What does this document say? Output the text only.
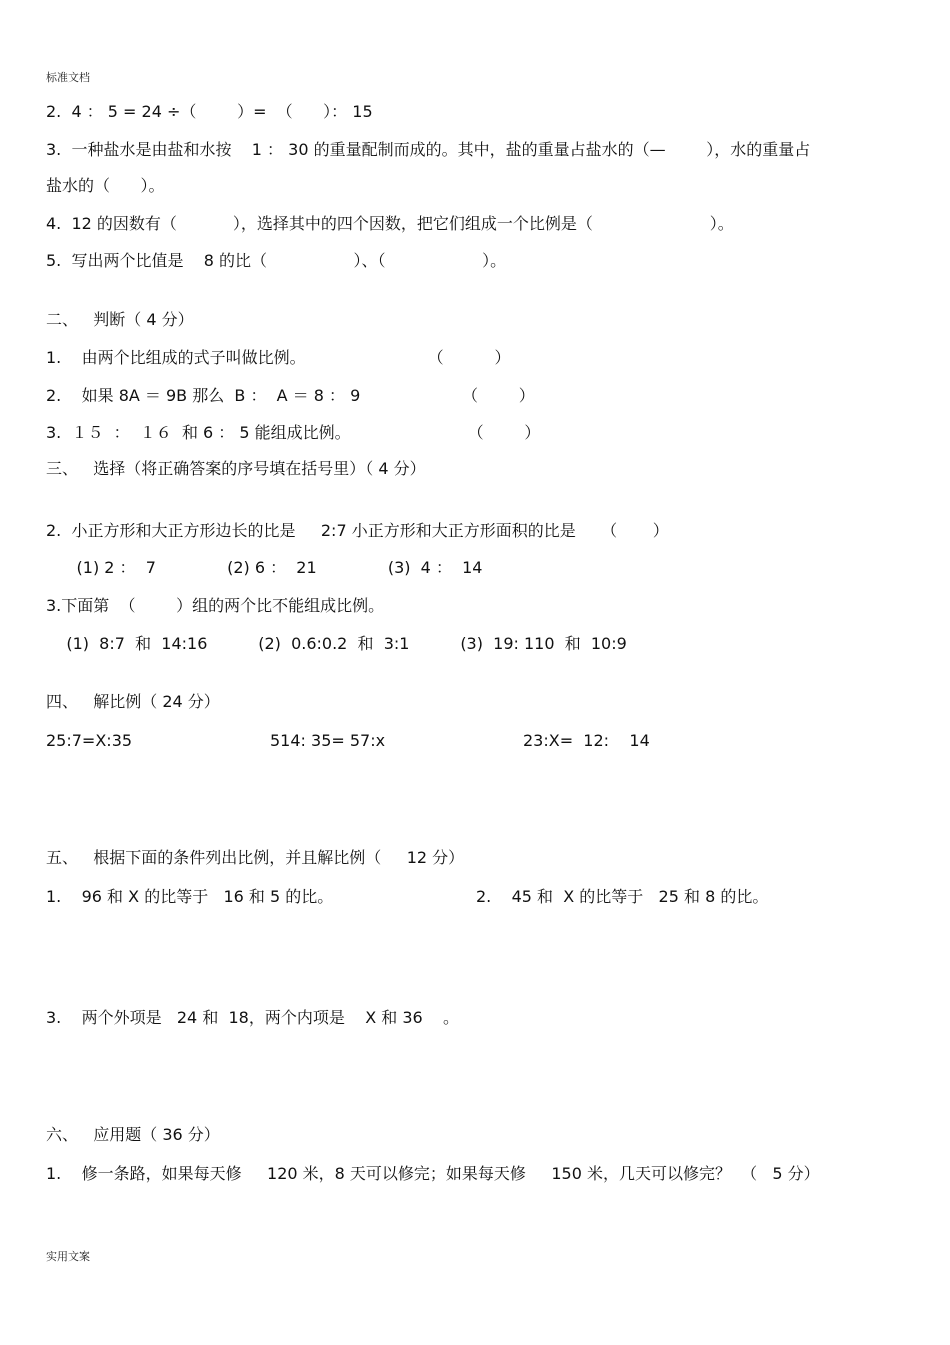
标准文档
2.  4 ： 5 = 24 ÷（        ）=  （      ）： 15
3.  一种盐水是由盐和水按    1 ： 30 的重量配制而成的。其中，盐的重量占盐水的（—        ），水的重量占
盐水的（      ）。
4.  12 的因数有（           ），选择其中的四个因数，把它们组成一个比例是（                       ）。
5.  写出两个比值是    8 的比（                 ）、（                   ）。
二、   判断（ 4 分）
1.    由两个比组成的式子叫做比例。                        （          ）
2.    如果 8A ＝ 9B 那么  B ：  A ＝ 8 ： 9                    （        ）
3.  １５  ：  １６  和 6 ： 5 能组成比例。                       （        ）
三、   选择（将正确答案的序号填在括号里）（ 4 分）
2.  小正方形和大正方形边长的比是     2:7 小正方形和大正方形面积的比是     （       ）
(1) 2 ：  7              (2) 6 ：  21              (3)  4 ：  14
3.下面第  （        ）组的两个比不能组成比例。
(1)  8:7  和  14:16          (2)  0.6:0.2  和  3:1          (3)  19: 110  和  10:9
四、   解比例（ 24 分）
25:7=X:35	514: 35= 57:x	23:X=  12:    14
五、   根据下面的条件列出比例，并且解比例（     12 分）
1.    96 和 X 的比等于   16 和 5 的比。	2.    45 和  X 的比等于   25 和 8 的比。
3.    两个外项是   24 和  18，两个内项是    X 和 36    。
六、   应用题（ 36 分）
1.    修一条路，如果每天修     120 米，8 天可以修完；如果每天修     150 米，几天可以修完？  （   5 分）
实用文案
